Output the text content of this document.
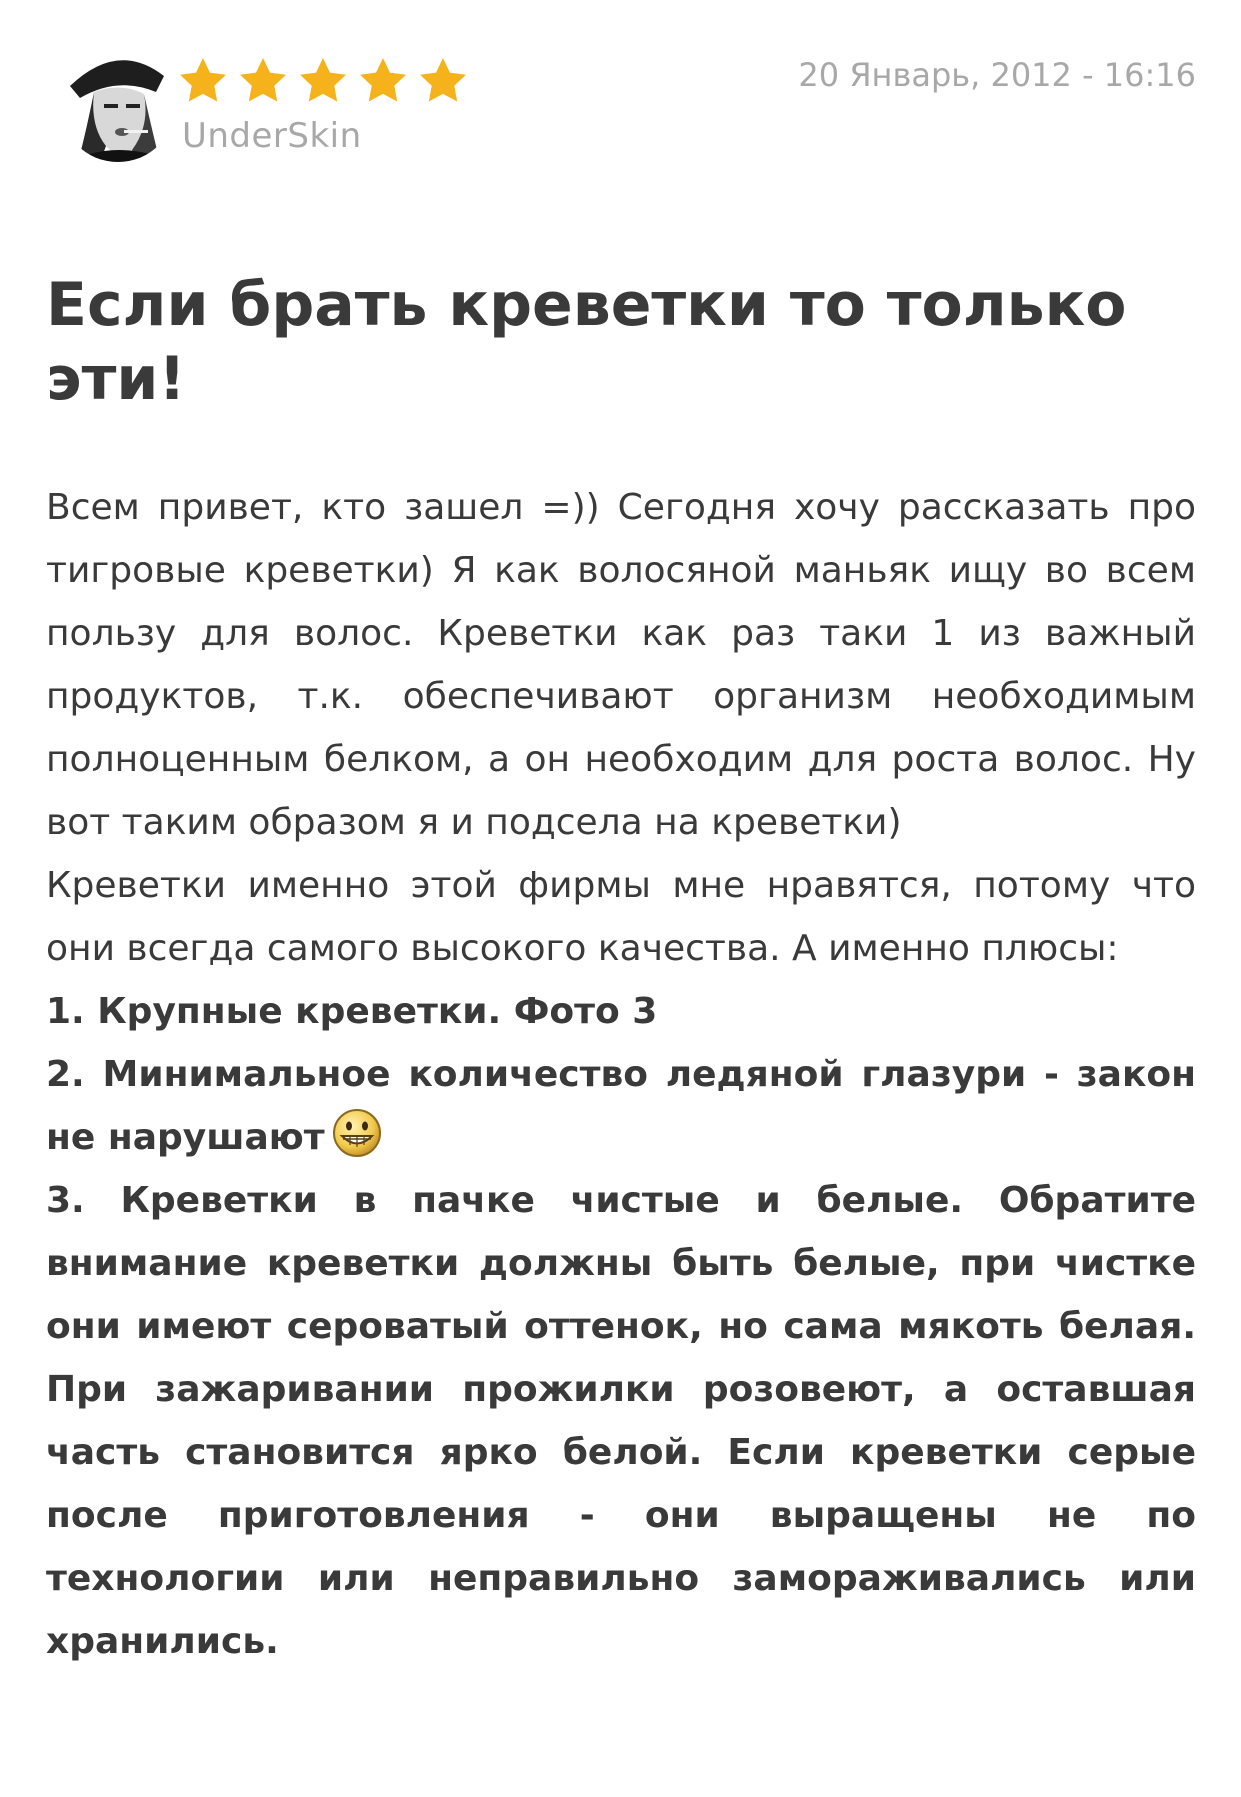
UnderSkin
20 Январь, 2012 - 16:16
Если брать креветки то только эти!

Всем привет, кто зашел =)) Сегодня хочу рассказать про тигровые креветки) Я как волосяной маньяк ищу во всем пользу для волос. Креветки как раз таки 1 из важный продуктов, т.к. обеспечивают организм необходимым полноценным белком, а он необходим для роста волос. Ну вот таким образом я и подсела на креветки)

Креветки именно этой фирмы мне нравятся, потому что они всегда самого высокого качества. А именно плюсы:

1. Крупные креветки. Фото 3

2. Минимальное количество ледяной глазури - закон не нарушают

3. Креветки в пачке чистые и белые. Обратите внимание креветки должны быть белые, при чистке они имеют сероватый оттенок, но сама мякоть белая. При зажаривании прожилки розовеют, а оставшая часть становится ярко белой. Если креветки серые после приготовления - они выращены не по технологии или неправильно замораживались или хранились.
